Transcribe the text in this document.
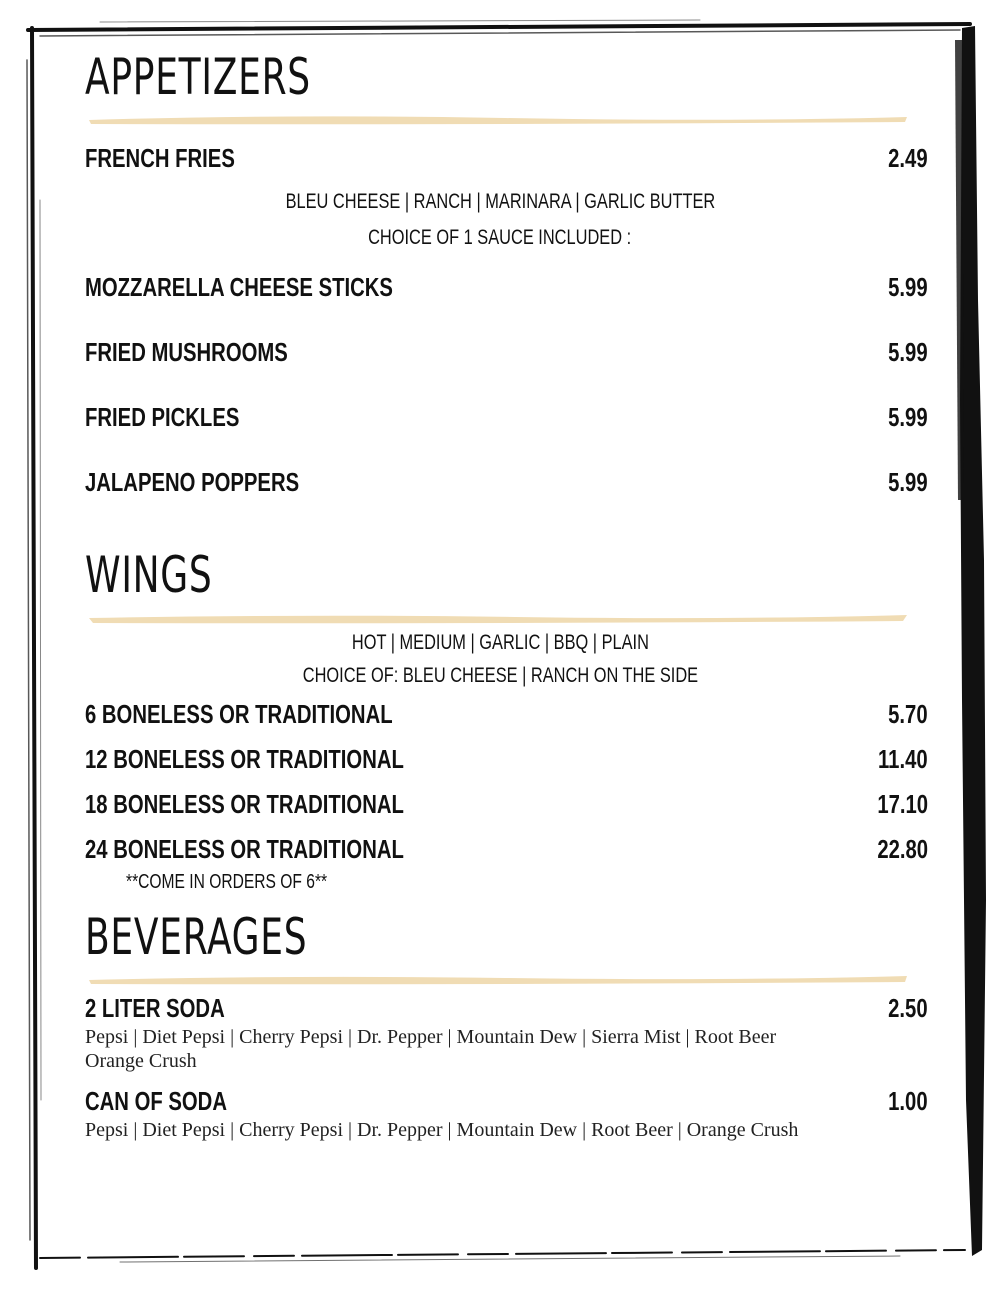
APPETIZERS
FRENCH FRIES	2.49
BLEU CHEESE | RANCH | MARINARA | GARLIC BUTTER
CHOICE OF 1 SAUCE INCLUDED :
MOZZARELLA CHEESE STICKS	5.99
FRIED MUSHROOMS	5.99
FRIED PICKLES	5.99
JALAPENO POPPERS	5.99
WINGS
HOT | MEDIUM | GARLIC | BBQ | PLAIN
CHOICE OF: BLEU CHEESE | RANCH ON THE SIDE
6 BONELESS OR TRADITIONAL	5.70
12 BONELESS OR TRADITIONAL	11.40
18 BONELESS OR TRADITIONAL	17.10
24 BONELESS OR TRADITIONAL	22.80
**COME IN ORDERS OF 6**
BEVERAGES
2 LITER SODA	2.50
Pepsi | Diet Pepsi | Cherry Pepsi | Dr. Pepper | Mountain Dew | Sierra Mist | Root Beer
Orange Crush
CAN OF SODA	1.00
Pepsi | Diet Pepsi | Cherry Pepsi | Dr. Pepper | Mountain Dew | Root Beer | Orange Crush
